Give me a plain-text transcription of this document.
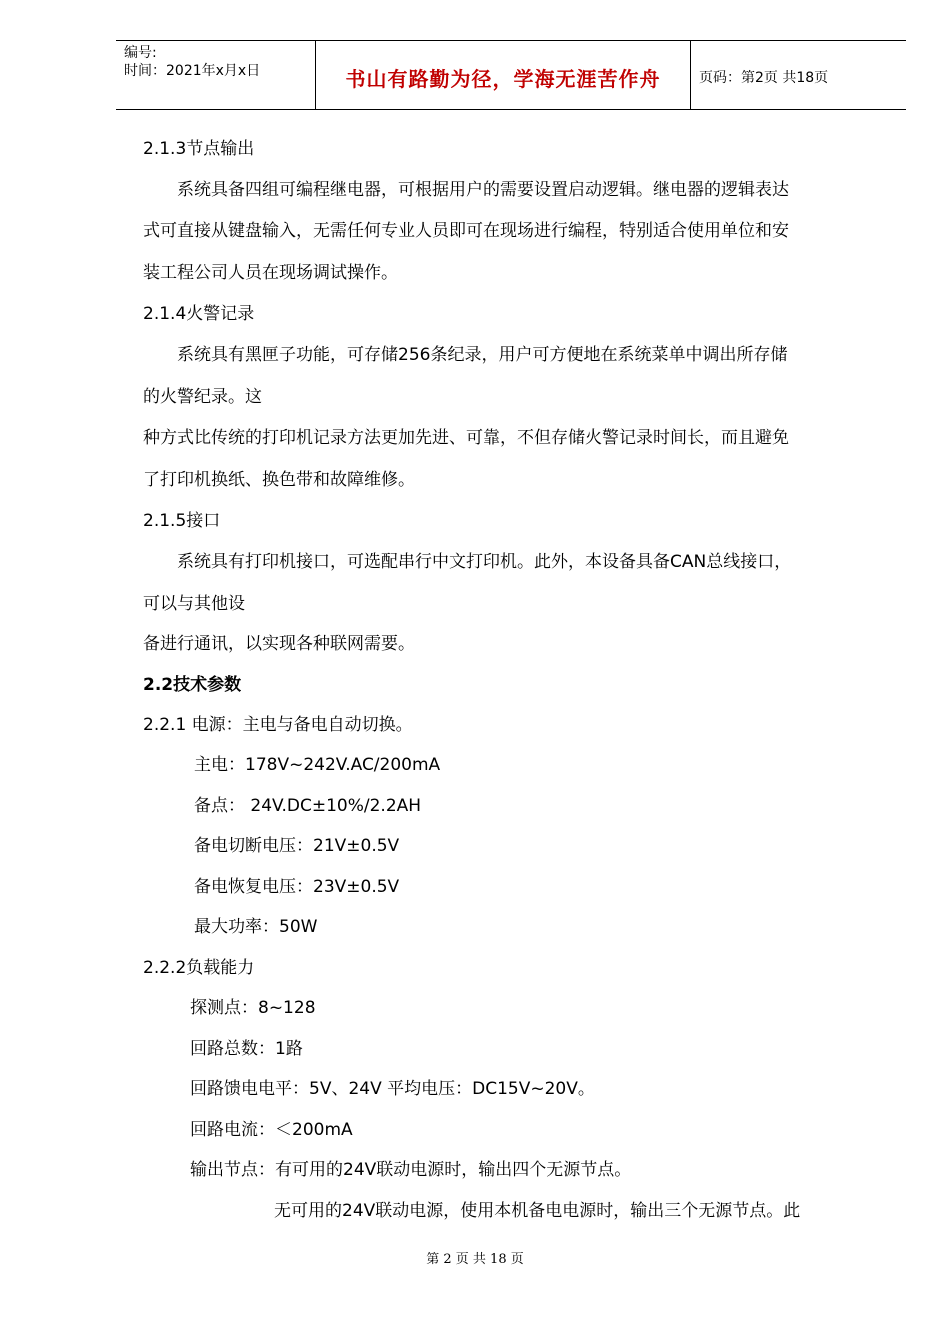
编号:
时间：2021年x月x日	书山有路勤为径，学海无涯苦作舟	页码：第2页 共18页
2.1.3节点输出
系统具备四组可编程继电器，可根据用户的需要设置启动逻辑。继电器的逻辑表达
式可直接从键盘输入，无需任何专业人员即可在现场进行编程，特别适合使用单位和安
装工程公司人员在现场调试操作。
2.1.4火警记录
系统具有黑匣子功能，可存储256条纪录，用户可方便地在系统菜单中调出所存储
的火警纪录。这
种方式比传统的打印机记录方法更加先进、可靠，不但存储火警记录时间长，而且避免
了打印机换纸、换色带和故障维修。
2.1.5接口
系统具有打印机接口，可选配串行中文打印机。此外，本设备具备CAN总线接口，
可以与其他设
备进行通讯，以实现各种联网需要。
2.2技术参数
2.2.1 电源：主电与备电自动切换。
主电：178V~242V.AC/200mA
备点： 24V.DC±10%/2.2AH
备电切断电压：21V±0.5V
备电恢复电压：23V±0.5V
最大功率：50W
2.2.2负载能力
探测点：8~128
回路总数：1路
回路馈电电平：5V、24V 平均电压：DC15V~20V。
回路电流：＜200mA
输出节点：有可用的24V联动电源时，输出四个无源节点。
无可用的24V联动电源，使用本机备电电源时，输出三个无源节点。此
第 2 页 共 18 页
